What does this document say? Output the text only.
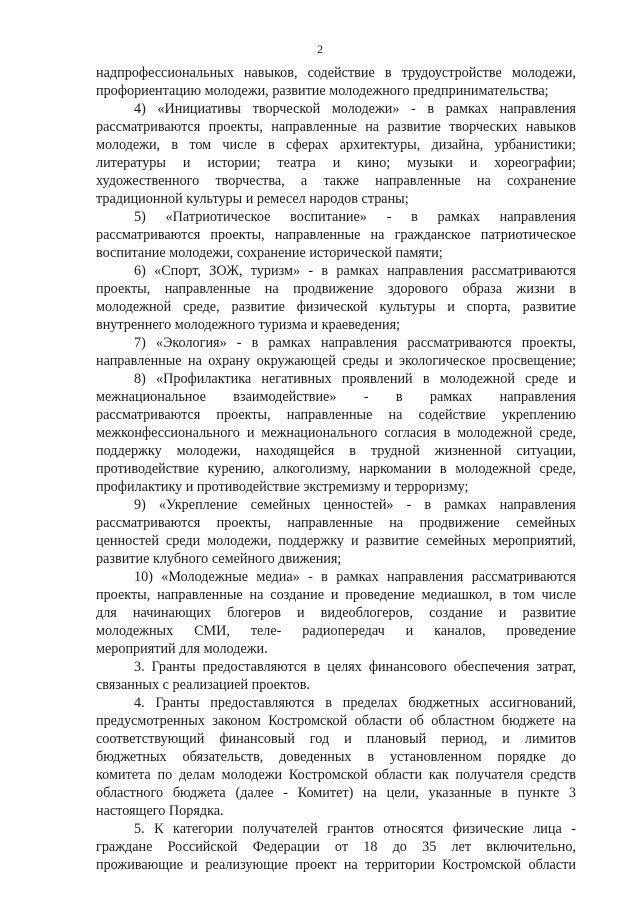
2
надпрофессиональных навыков, содействие в трудоустройстве молодежи,
профориентацию молодежи, развитие молодежного предпринимательства;
4) «Инициативы творческой молодежи» - в рамках направления
рассматриваются проекты, направленные на развитие творческих навыков
молодежи, в том числе в сферах архитектуры, дизайна, урбанистики;
литературы и истории; театра и кино; музыки и хореографии;
художественного творчества, а также направленные на сохранение
традиционной культуры и ремесел народов страны;
5) «Патриотическое воспитание» - в рамках направления
рассматриваются проекты, направленные на гражданское патриотическое
воспитание молодежи, сохранение исторической памяти;
6) «Спорт, ЗОЖ, туризм» - в рамках направления рассматриваются
проекты, направленные на продвижение здорового образа жизни в
молодежной среде, развитие физической культуры и спорта, развитие
внутреннего молодежного туризма и краеведения;
7) «Экология» - в рамках направления рассматриваются проекты,
направленные на охрану окружающей среды и экологическое просвещение;
8) «Профилактика негативных проявлений в молодежной среде и
межнациональное взаимодействие» - в рамках направления
рассматриваются проекты, направленные на содействие укреплению
межконфессионального и межнационального согласия в молодежной среде,
поддержку молодежи, находящейся в трудной жизненной ситуации,
противодействие курению, алкоголизму, наркомании в молодежной среде,
профилактику и противодействие экстремизму и терроризму;
9) «Укрепление семейных ценностей» - в рамках направления
рассматриваются проекты, направленные на продвижение семейных
ценностей среди молодежи, поддержку и развитие семейных мероприятий,
развитие клубного семейного движения;
10) «Молодежные медиа» - в рамках направления рассматриваются
проекты, направленные на создание и проведение медиашкол, в том числе
для начинающих блогеров и видеоблогеров, создание и развитие
молодежных СМИ, теле- радиопередач и каналов, проведение
мероприятий для молодежи.
3. Гранты предоставляются в целях финансового обеспечения затрат,
связанных с реализацией проектов.
4. Гранты предоставляются в пределах бюджетных ассигнований,
предусмотренных законом Костромской области об областном бюджете на
соответствующий финансовый год и плановый период, и лимитов
бюджетных обязательств, доведенных в установленном порядке до
комитета по делам молодежи Костромской области как получателя средств
областного бюджета (далее - Комитет) на цели, указанные в пункте 3
настоящего Порядка.
5. К категории получателей грантов относятся физические лица -
граждане Российской Федерации от 18 до 35 лет включительно,
проживающие и реализующие проект на территории Костромской области
